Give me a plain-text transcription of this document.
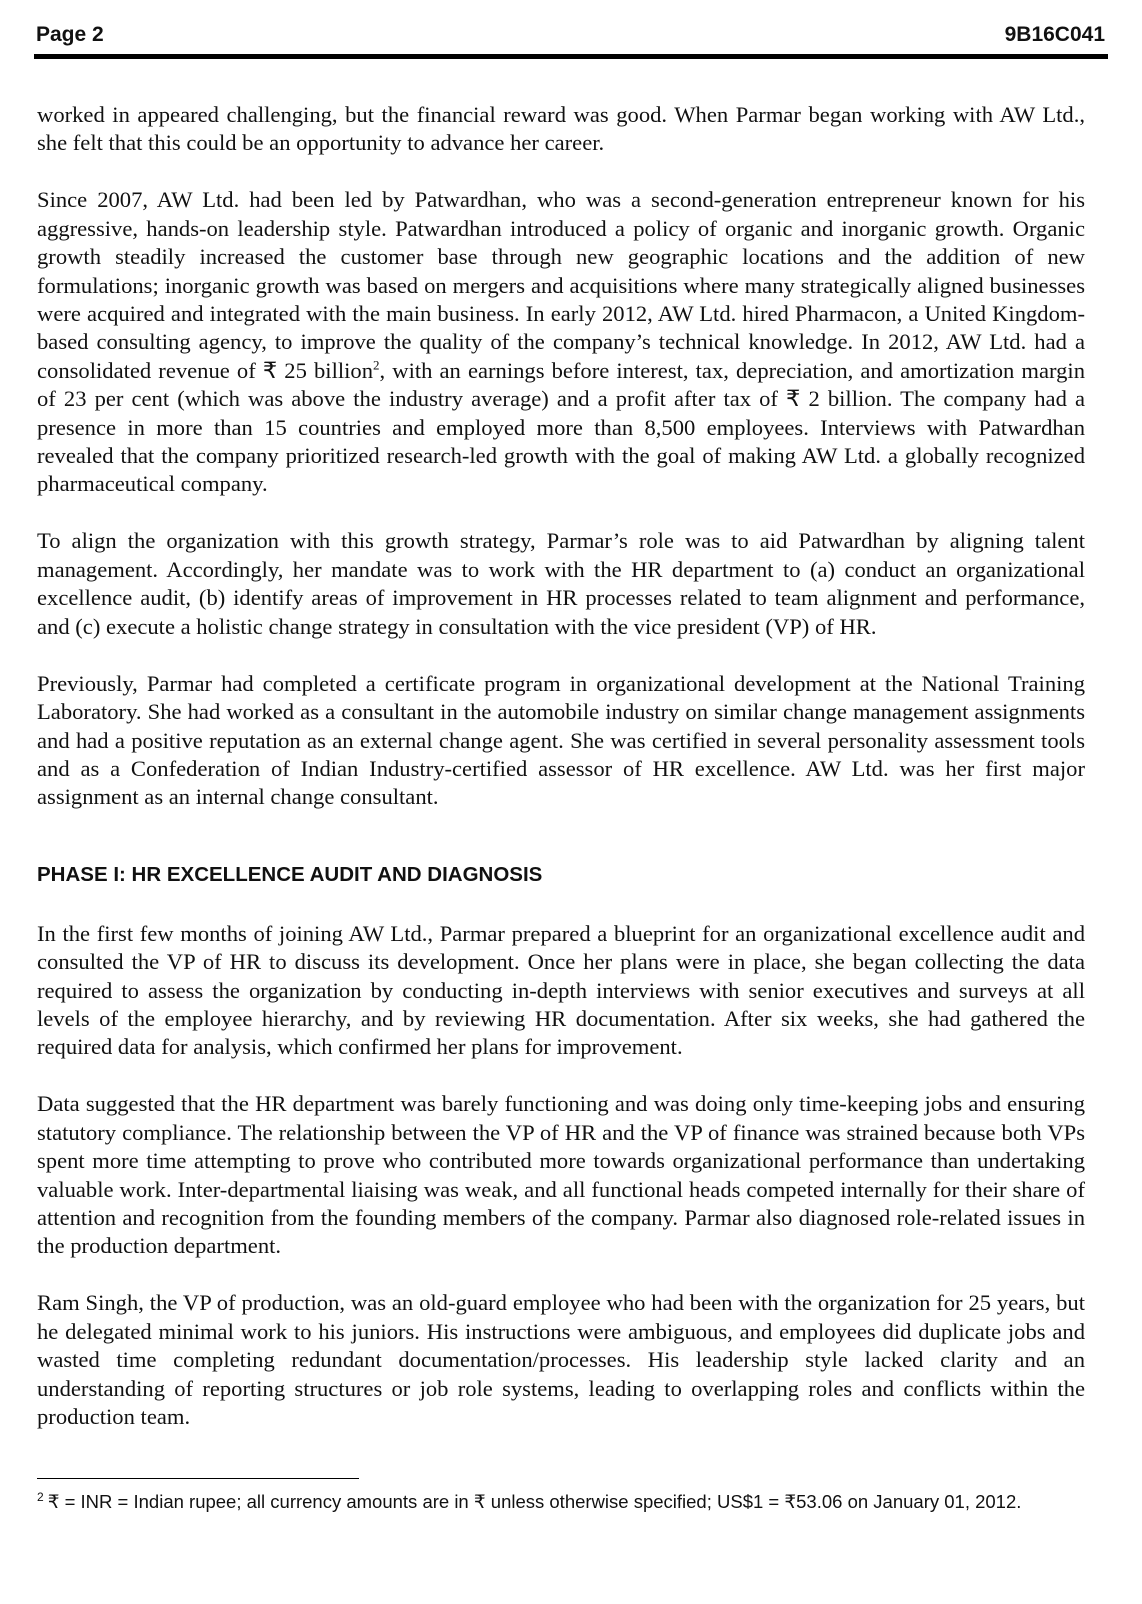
Page 2	9B16C041

worked in appeared challenging, but the financial reward was good. When Parmar began working with AW Ltd., she felt that this could be an opportunity to advance her career.

Since 2007, AW Ltd. had been led by Patwardhan, who was a second-generation entrepreneur known for his aggressive, hands-on leadership style. Patwardhan introduced a policy of organic and inorganic growth. Organic growth steadily increased the customer base through new geographic locations and the addition of new formulations; inorganic growth was based on mergers and acquisitions where many strategically aligned businesses were acquired and integrated with the main business. In early 2012, AW Ltd. hired Pharmacon, a United Kingdom-based consulting agency, to improve the quality of the company’s technical knowledge. In 2012, AW Ltd. had a consolidated revenue of ₹ 25 billion$^2$, with an earnings before interest, tax, depreciation, and amortization margin of 23 per cent (which was above the industry average) and a profit after tax of ₹ 2 billion. The company had a presence in more than 15 countries and employed more than 8,500 employees. Interviews with Patwardhan revealed that the company prioritized research-led growth with the goal of making AW Ltd. a globally recognized pharmaceutical company.

To align the organization with this growth strategy, Parmar’s role was to aid Patwardhan by aligning talent management. Accordingly, her mandate was to work with the HR department to (a) conduct an organizational excellence audit, (b) identify areas of improvement in HR processes related to team alignment and performance, and (c) execute a holistic change strategy in consultation with the vice president (VP) of HR.

Previously, Parmar had completed a certificate program in organizational development at the National Training Laboratory. She had worked as a consultant in the automobile industry on similar change management assignments and had a positive reputation as an external change agent. She was certified in several personality assessment tools and as a Confederation of Indian Industry-certified assessor of HR excellence. AW Ltd. was her first major assignment as an internal change consultant.

PHASE I: HR EXCELLENCE AUDIT AND DIAGNOSIS

In the first few months of joining AW Ltd., Parmar prepared a blueprint for an organizational excellence audit and consulted the VP of HR to discuss its development. Once her plans were in place, she began collecting the data required to assess the organization by conducting in-depth interviews with senior executives and surveys at all levels of the employee hierarchy, and by reviewing HR documentation. After six weeks, she had gathered the required data for analysis, which confirmed her plans for improvement.

Data suggested that the HR department was barely functioning and was doing only time-keeping jobs and ensuring statutory compliance. The relationship between the VP of HR and the VP of finance was strained because both VPs spent more time attempting to prove who contributed more towards organizational performance than undertaking valuable work. Inter-departmental liaising was weak, and all functional heads competed internally for their share of attention and recognition from the founding members of the company. Parmar also diagnosed role-related issues in the production department.

Ram Singh, the VP of production, was an old-guard employee who had been with the organization for 25 years, but he delegated minimal work to his juniors. His instructions were ambiguous, and employees did duplicate jobs and wasted time completing redundant documentation/processes. His leadership style lacked clarity and an understanding of reporting structures or job role systems, leading to overlapping roles and conflicts within the production team.

$^2$ ₹ = INR = Indian rupee; all currency amounts are in ₹ unless otherwise specified; US$1 = ₹53.06 on January 01, 2012.
